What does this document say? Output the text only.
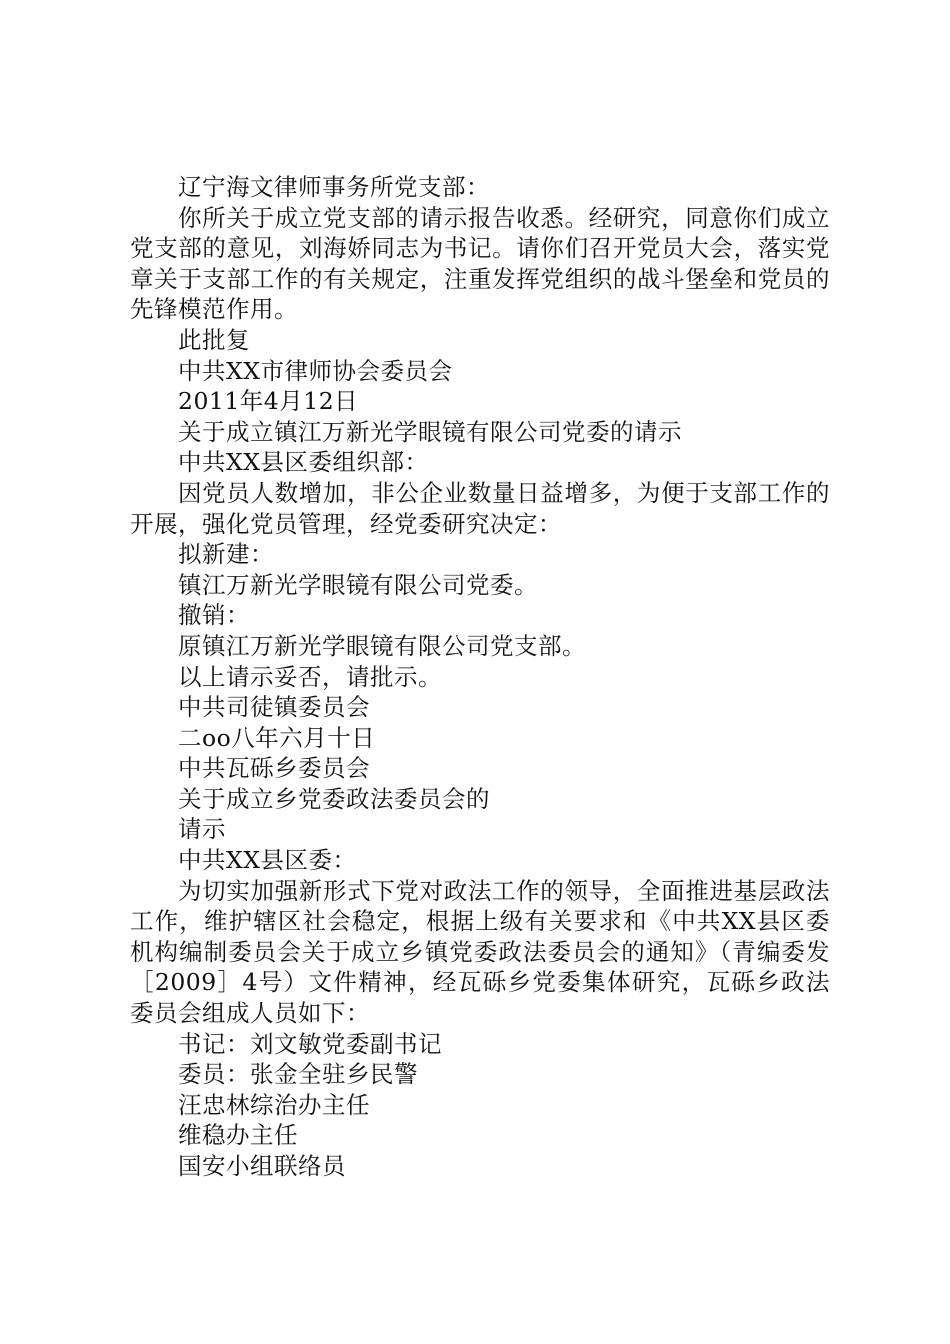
辽宁海文律师事务所党支部：

你所关于成立党支部的请示报告收悉。经研究，同意你们成立党支部的意见，刘海娇同志为书记。请你们召开党员大会，落实党章关于支部工作的有关规定，注重发挥党组织的战斗堡垒和党员的先锋模范作用。

此批复

中共XX市律师协会委员会

2011年4月12日

关于成立镇江万新光学眼镜有限公司党委的请示

中共XX县区委组织部：

因党员人数增加，非公企业数量日益增多，为便于支部工作的开展，强化党员管理，经党委研究决定：

拟新建：

镇江万新光学眼镜有限公司党委。

撤销：

原镇江万新光学眼镜有限公司党支部。

以上请示妥否，请批示。

中共司徒镇委员会

二oo八年六月十日

中共瓦砾乡委员会

关于成立乡党委政法委员会的

请示

中共XX县区委：

为切实加强新形式下党对政法工作的领导，全面推进基层政法工作，维护辖区社会稳定，根据上级有关要求和《中共XX县区委机构编制委员会关于成立乡镇党委政法委员会的通知》（青编委发［2009］4号）文件精神，经瓦砾乡党委集体研究，瓦砾乡政法委员会组成人员如下：

书记：刘文敏党委副书记

委员：张金全驻乡民警

汪忠林综治办主任

维稳办主任

国安小组联络员
